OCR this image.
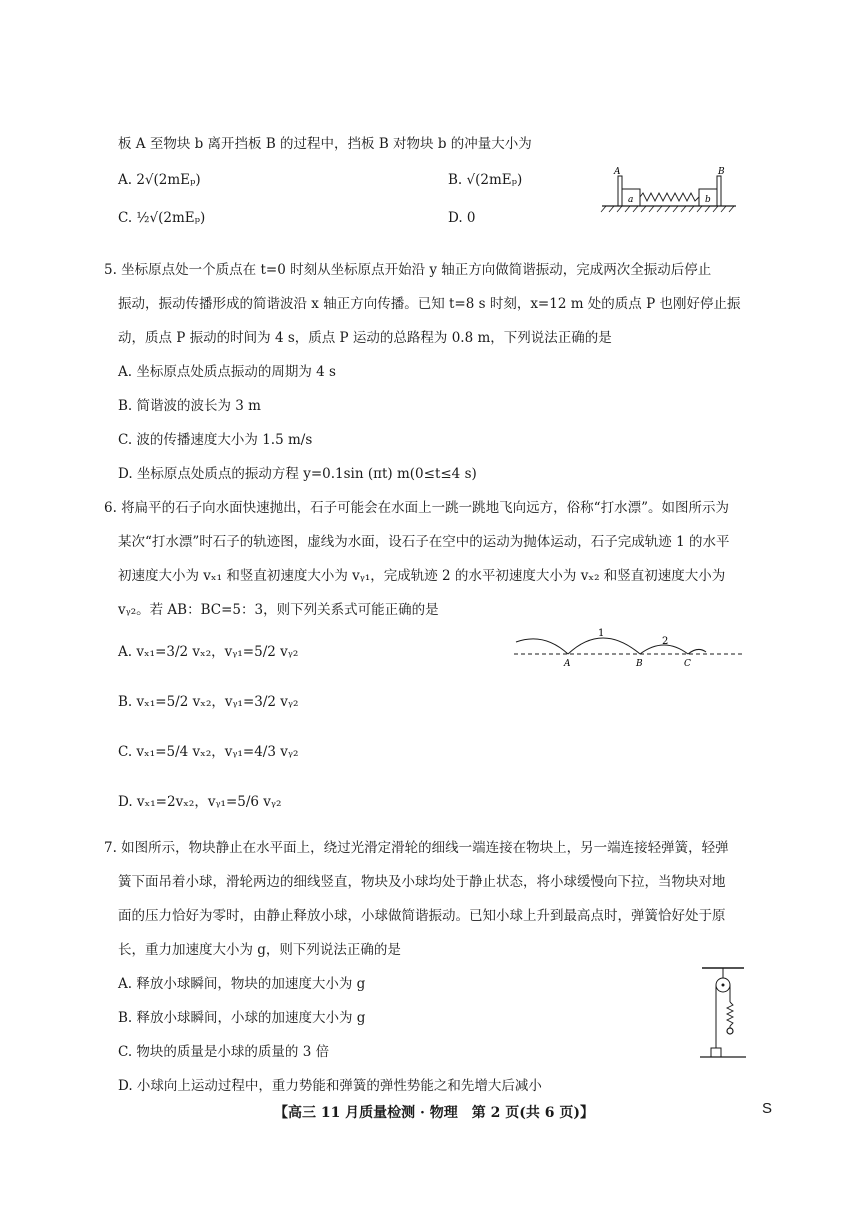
板 A 至物块 b 离开挡板 B 的过程中，挡板 B 对物块 b 的冲量大小为
A. 2√(2mEₚ)	B. √(2mEₚ)
C. ½√(2mEₚ)	D. 0
A	B
a	b
5. 坐标原点处一个质点在 t=0 时刻从坐标原点开始沿 y 轴正方向做简谐振动，完成两次全振动后停止
振动，振动传播形成的简谐波沿 x 轴正方向传播。已知 t=8 s 时刻，x=12 m 处的质点 P 也刚好停止振
动，质点 P 振动的时间为 4 s，质点 P 运动的总路程为 0.8 m，下列说法正确的是
A. 坐标原点处质点振动的周期为 4 s
B. 简谐波的波长为 3 m
C. 波的传播速度大小为 1.5 m/s
D. 坐标原点处质点的振动方程 y=0.1sin (πt) m(0≤t≤4 s)
6. 将扁平的石子向水面快速抛出，石子可能会在水面上一跳一跳地飞向远方，俗称“打水漂”。如图所示为
某次“打水漂”时石子的轨迹图，虚线为水面，设石子在空中的运动为抛体运动，石子完成轨迹 1 的水平
初速度大小为 vₓ₁ 和竖直初速度大小为 vᵧ₁，完成轨迹 2 的水平初速度大小为 vₓ₂ 和竖直初速度大小为
vᵧ₂。若 AB：BC=5：3，则下列关系式可能正确的是
A. vₓ₁=3/2 vₓ₂，vᵧ₁=5/2 vᵧ₂
B. vₓ₁=5/2 vₓ₂，vᵧ₁=3/2 vᵧ₂
C. vₓ₁=5/4 vₓ₂，vᵧ₁=4/3 vᵧ₂
D. vₓ₁=2vₓ₂，vᵧ₁=5/6 vᵧ₂
1
2
A	B	C
7. 如图所示，物块静止在水平面上，绕过光滑定滑轮的细线一端连接在物块上，另一端连接轻弹簧，轻弹
簧下面吊着小球，滑轮两边的细线竖直，物块及小球均处于静止状态，将小球缓慢向下拉，当物块对地
面的压力恰好为零时，由静止释放小球，小球做简谐振动。已知小球上升到最高点时，弹簧恰好处于原
长，重力加速度大小为 g，则下列说法正确的是
A. 释放小球瞬间，物块的加速度大小为 g
B. 释放小球瞬间，小球的加速度大小为 g
C. 物块的质量是小球的质量的 3 倍
D. 小球向上运动过程中，重力势能和弹簧的弹性势能之和先增大后减小
【高三 11 月质量检测 · 物理　第 2 页(共 6 页)】	S
